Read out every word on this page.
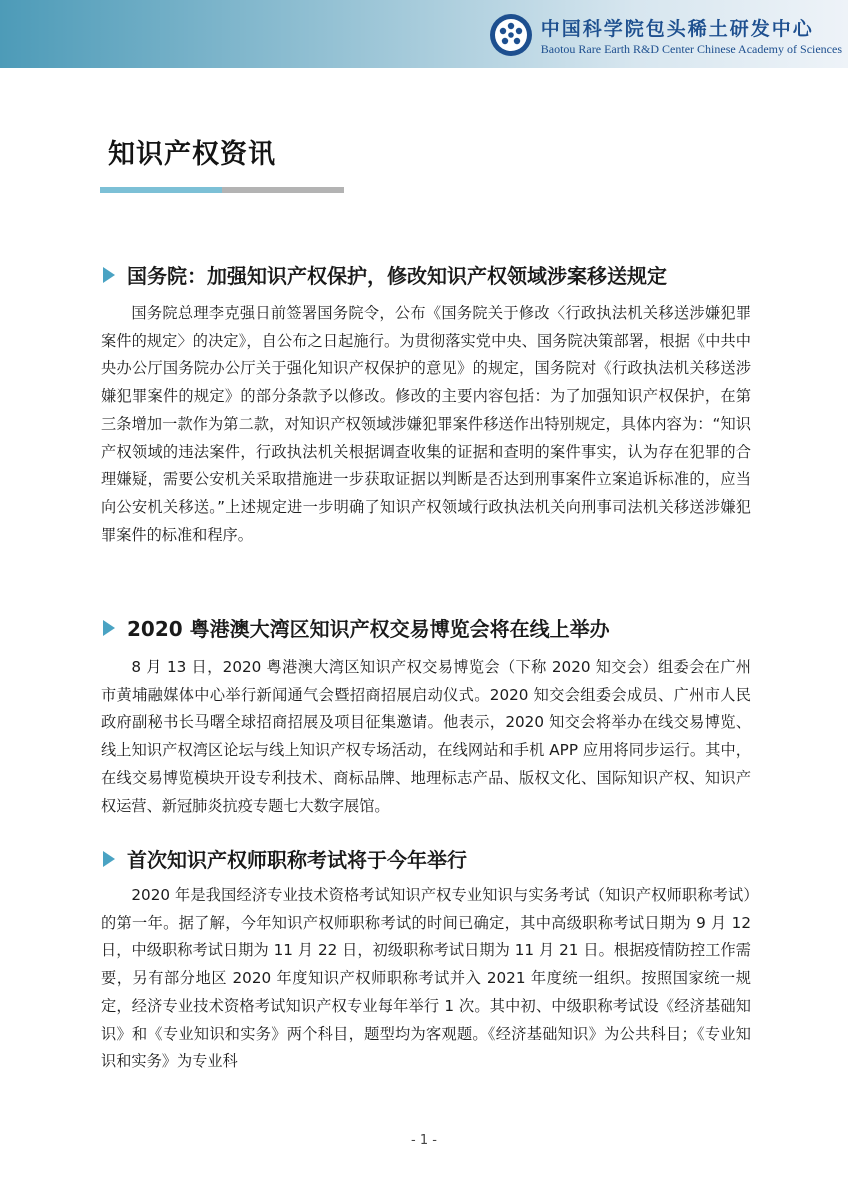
中国科学院包头稀土研发中心
Baotou Rare Earth R&D Center Chinese Academy of Sciences
知识产权资讯
国务院：加强知识产权保护，修改知识产权领域涉案移送规定

国务院总理李克强日前签署国务院令，公布《国务院关于修改〈行政执法机关移送涉嫌犯罪案件的规定〉的决定》，自公布之日起施行。为贯彻落实党中央、国务院决策部署，根据《中共中央办公厅国务院办公厅关于强化知识产权保护的意见》的规定，国务院对《行政执法机关移送涉嫌犯罪案件的规定》的部分条款予以修改。修改的主要内容包括：为了加强知识产权保护，在第三条增加一款作为第二款，对知识产权领域涉嫌犯罪案件移送作出特别规定，具体内容为：“知识产权领域的违法案件，行政执法机关根据调查收集的证据和查明的案件事实，认为存在犯罪的合理嫌疑，需要公安机关采取措施进一步获取证据以判断是否达到刑事案件立案追诉标准的，应当向公安机关移送。”上述规定进一步明确了知识产权领域行政执法机关向刑事司法机关移送涉嫌犯罪案件的标准和程序。

2020 粤港澳大湾区知识产权交易博览会将在线上举办

8 月 13 日，2020 粤港澳大湾区知识产权交易博览会（下称 2020 知交会）组委会在广州市黄埔融媒体中心举行新闻通气会暨招商招展启动仪式。2020 知交会组委会成员、广州市人民政府副秘书长马曙全球招商招展及项目征集邀请。他表示，2020 知交会将举办在线交易博览、线上知识产权湾区论坛与线上知识产权专场活动，在线网站和手机 APP 应用将同步运行。其中，在线交易博览模块开设专利技术、商标品牌、地理标志产品、版权文化、国际知识产权、知识产权运营、新冠肺炎抗疫专题七大数字展馆。

首次知识产权师职称考试将于今年举行

2020 年是我国经济专业技术资格考试知识产权专业知识与实务考试（知识产权师职称考试）的第一年。据了解，今年知识产权师职称考试的时间已确定，其中高级职称考试日期为 9 月 12 日，中级职称考试日期为 11 月 22 日，初级职称考试日期为 11 月 21 日。根据疫情防控工作需要，另有部分地区 2020 年度知识产权师职称考试并入 2021 年度统一组织。按照国家统一规定，经济专业技术资格考试知识产权专业每年举行 1 次。其中初、中级职称考试设《经济基础知识》和《专业知识和实务》两个科目，题型均为客观题。《经济基础知识》为公共科目；《专业知识和实务》为专业科

- 1 -
